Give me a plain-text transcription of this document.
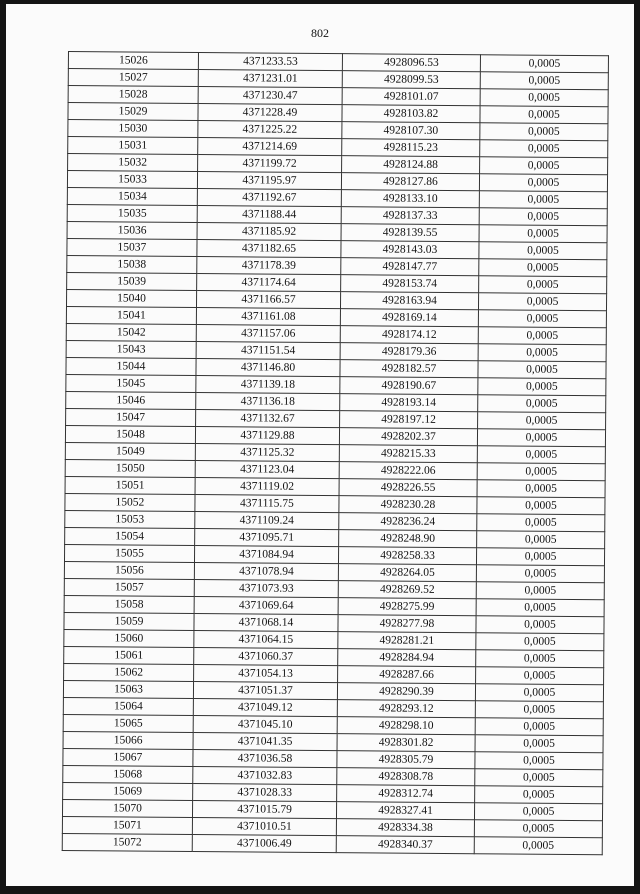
802
15026	4371233.53	4928096.53	0,0005
15027	4371231.01	4928099.53	0,0005
15028	4371230.47	4928101.07	0,0005
15029	4371228.49	4928103.82	0,0005
15030	4371225.22	4928107.30	0,0005
15031	4371214.69	4928115.23	0,0005
15032	4371199.72	4928124.88	0,0005
15033	4371195.97	4928127.86	0,0005
15034	4371192.67	4928133.10	0,0005
15035	4371188.44	4928137.33	0,0005
15036	4371185.92	4928139.55	0,0005
15037	4371182.65	4928143.03	0,0005
15038	4371178.39	4928147.77	0,0005
15039	4371174.64	4928153.74	0,0005
15040	4371166.57	4928163.94	0,0005
15041	4371161.08	4928169.14	0,0005
15042	4371157.06	4928174.12	0,0005
15043	4371151.54	4928179.36	0,0005
15044	4371146.80	4928182.57	0,0005
15045	4371139.18	4928190.67	0,0005
15046	4371136.18	4928193.14	0,0005
15047	4371132.67	4928197.12	0,0005
15048	4371129.88	4928202.37	0,0005
15049	4371125.32	4928215.33	0,0005
15050	4371123.04	4928222.06	0,0005
15051	4371119.02	4928226.55	0,0005
15052	4371115.75	4928230.28	0,0005
15053	4371109.24	4928236.24	0,0005
15054	4371095.71	4928248.90	0,0005
15055	4371084.94	4928258.33	0,0005
15056	4371078.94	4928264.05	0,0005
15057	4371073.93	4928269.52	0,0005
15058	4371069.64	4928275.99	0,0005
15059	4371068.14	4928277.98	0,0005
15060	4371064.15	4928281.21	0,0005
15061	4371060.37	4928284.94	0,0005
15062	4371054.13	4928287.66	0,0005
15063	4371051.37	4928290.39	0,0005
15064	4371049.12	4928293.12	0,0005
15065	4371045.10	4928298.10	0,0005
15066	4371041.35	4928301.82	0,0005
15067	4371036.58	4928305.79	0,0005
15068	4371032.83	4928308.78	0,0005
15069	4371028.33	4928312.74	0,0005
15070	4371015.79	4928327.41	0,0005
15071	4371010.51	4928334.38	0,0005
15072	4371006.49	4928340.37	0,0005
